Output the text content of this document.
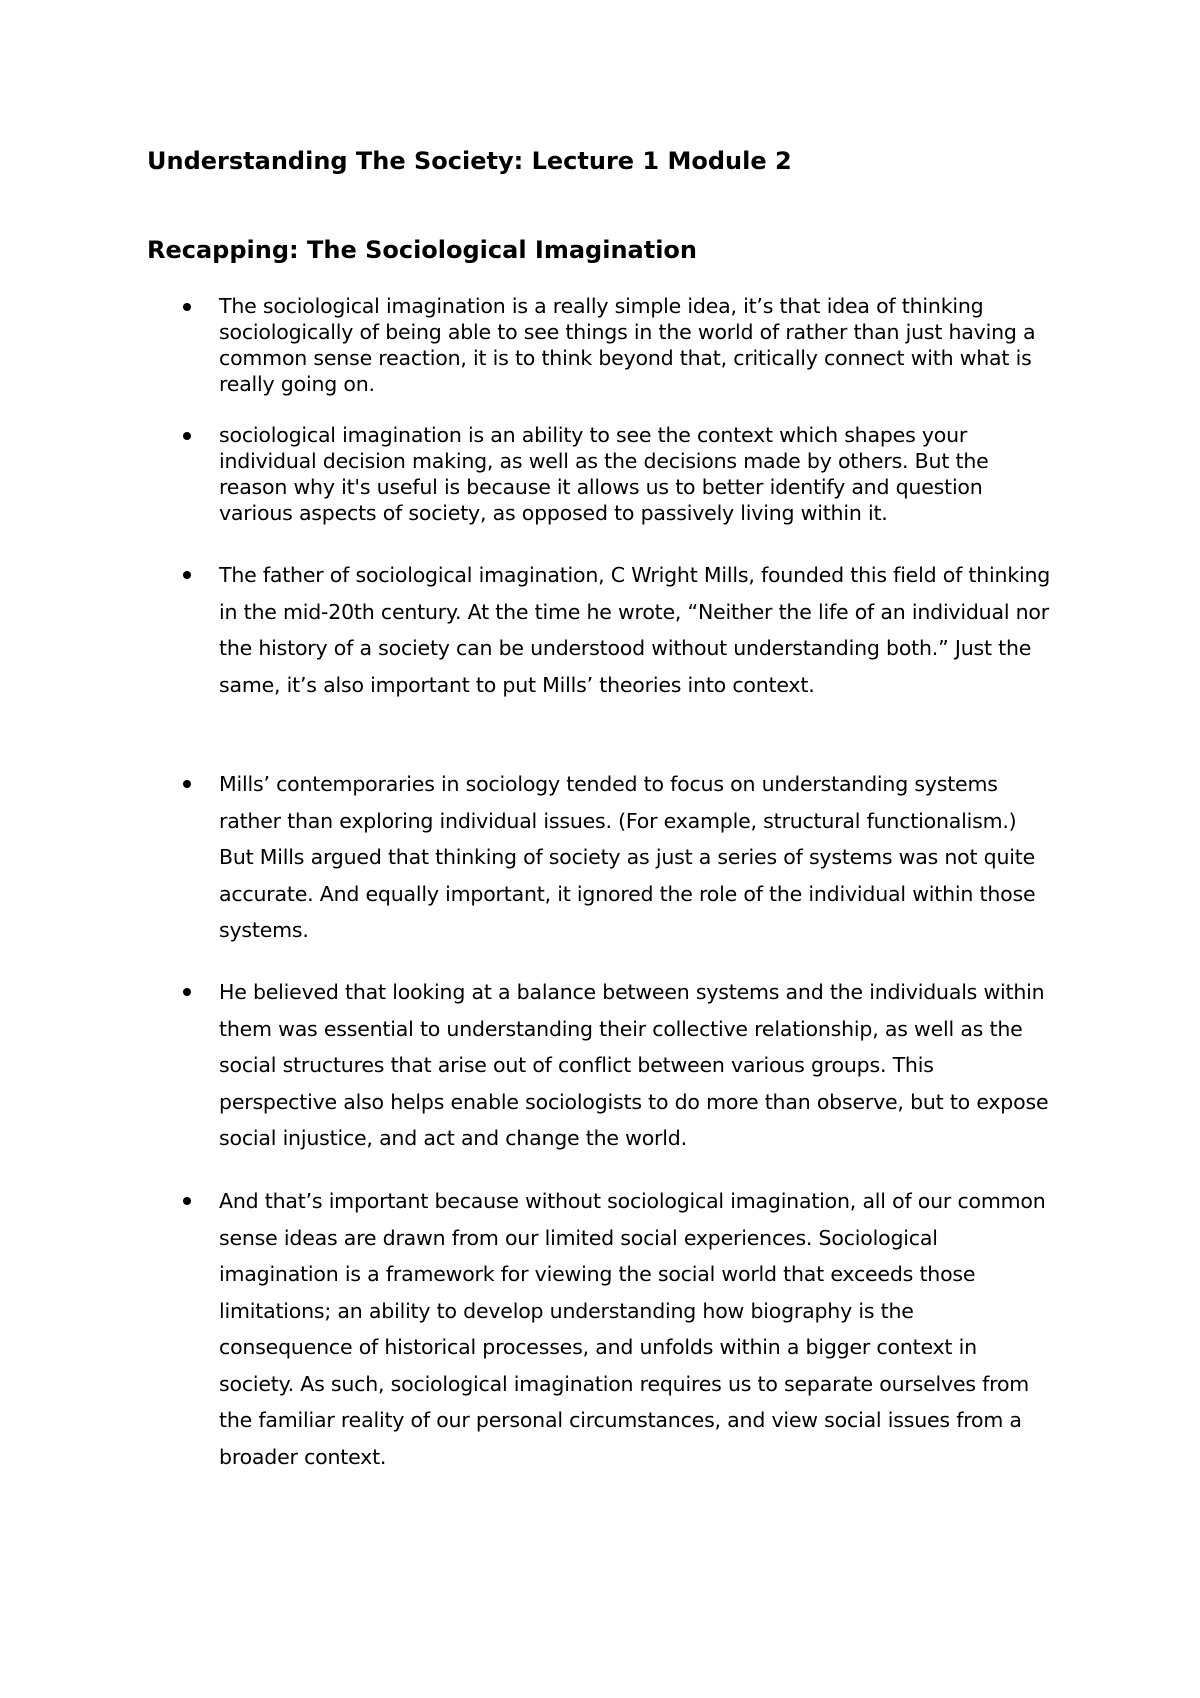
Understanding The Society: Lecture 1 Module 2
Recapping: The Sociological Imagination

The sociological imagination is a really simple idea, it’s that idea of thinking sociologically of being able to see things in the world of rather than just having a common sense reaction, it is to think beyond that, critically connect with what is really going on.

sociological imagination is an ability to see the context which shapes your individual decision making, as well as the decisions made by others. But the reason why it's useful is because it allows us to better identify and question various aspects of society, as opposed to passively living within it.

The father of sociological imagination, C Wright Mills, founded this field of thinking in the mid-20th century. At the time he wrote, “Neither the life of an individual nor the history of a society can be understood without understanding both.” Just the same, it’s also important to put Mills’ theories into context.

Mills’ contemporaries in sociology tended to focus on understanding systems rather than exploring individual issues. (For example, structural functionalism.) But Mills argued that thinking of society as just a series of systems was not quite accurate. And equally important, it ignored the role of the individual within those systems.

He believed that looking at a balance between systems and the individuals within them was essential to understanding their collective relationship, as well as the social structures that arise out of conflict between various groups. This perspective also helps enable sociologists to do more than observe, but to expose social injustice, and act and change the world.

And that’s important because without sociological imagination, all of our common sense ideas are drawn from our limited social experiences. Sociological imagination is a framework for viewing the social world that exceeds those limitations; an ability to develop understanding how biography is the consequence of historical processes, and unfolds within a bigger context in society. As such, sociological imagination requires us to separate ourselves from the familiar reality of our personal circumstances, and view social issues from a broader context.
